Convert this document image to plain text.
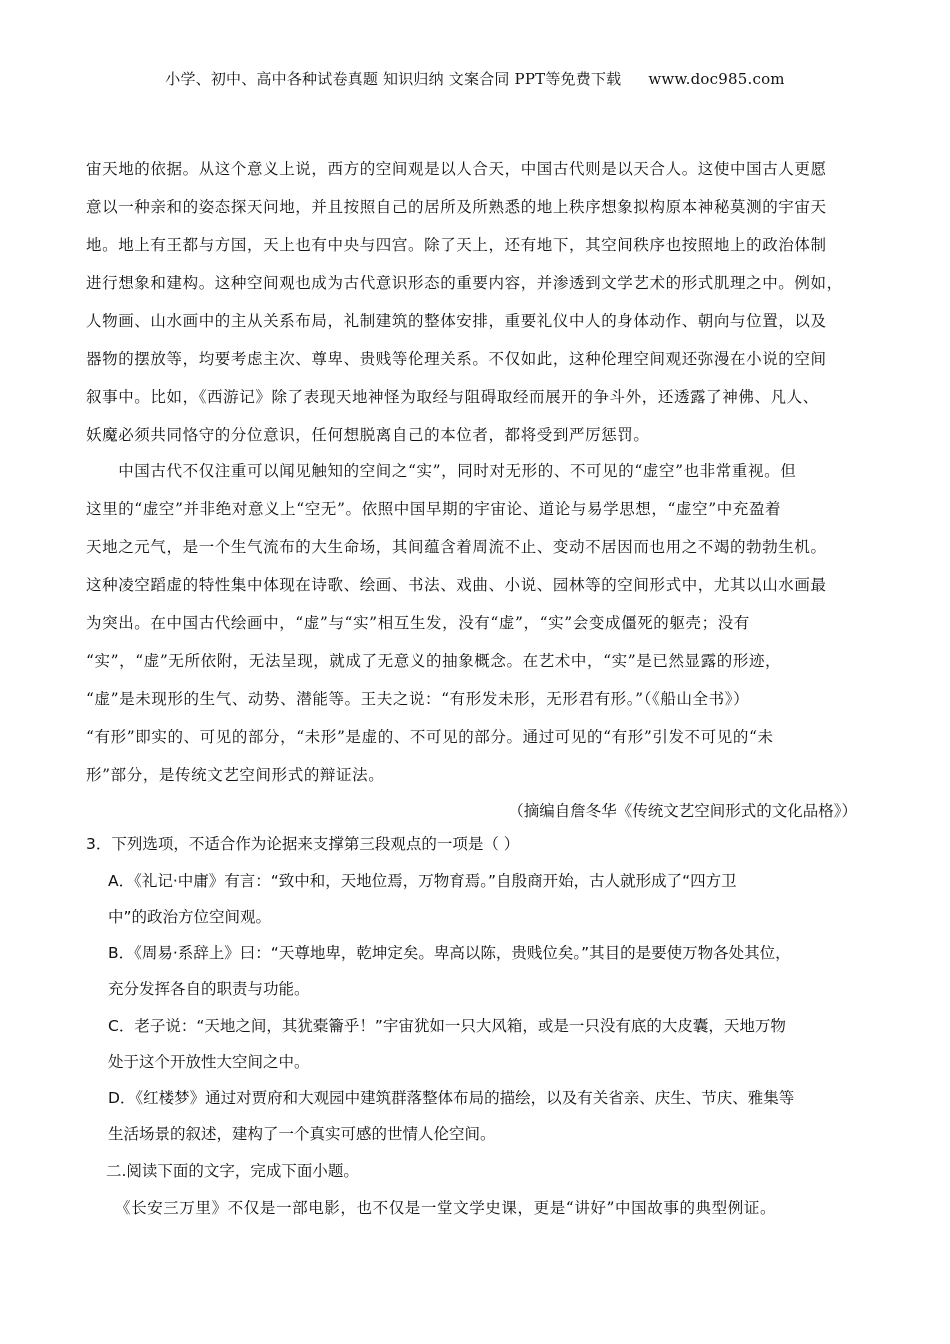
小学、初中、高中各种试卷真题 知识归纳 文案合同 PPT等免费下载 www.doc985.com
宙天地的依据。从这个意义上说，西方的空间观是以人合天，中国古代则是以天合人。这使中国古人更愿
意以一种亲和的姿态探天问地，并且按照自己的居所及所熟悉的地上秩序想象拟构原本神秘莫测的宇宙天
地。地上有王都与方国，天上也有中央与四宫。除了天上，还有地下，其空间秩序也按照地上的政治体制
进行想象和建构。这种空间观也成为古代意识形态的重要内容，并渗透到文学艺术的形式肌理之中。例如，
人物画、山水画中的主从关系布局，礼制建筑的整体安排，重要礼仪中人的身体动作、朝向与位置，以及
器物的摆放等，均要考虑主次、尊卑、贵贱等伦理关系。不仅如此，这种伦理空间观还弥漫在小说的空间
叙事中。比如，《西游记》除了表现天地神怪为取经与阻碍取经而展开的争斗外，还透露了神佛、凡人、
妖魔必须共同恪守的分位意识，任何想脱离自己的本位者，都将受到严厉惩罚。
　　中国古代不仅注重可以闻见触知的空间之“实”，同时对无形的、不可见的“虚空”也非常重视。但
这里的“虚空”并非绝对意义上“空无”。依照中国早期的宇宙论、道论与易学思想，“虚空”中充盈着
天地之元气，是一个生气流布的大生命场，其间蕴含着周流不止、变动不居因而也用之不竭的勃勃生机。
这种凌空蹈虚的特性集中体现在诗歌、绘画、书法、戏曲、小说、园林等的空间形式中，尤其以山水画最
为突出。在中国古代绘画中，“虚”与“实”相互生发，没有“虚”，“实”会变成僵死的躯壳；没有
“实”，“虚”无所依附，无法呈现，就成了无意义的抽象概念。在艺术中，“实”是已然显露的形迹，
“虚”是未现形的生气、动势、潜能等。王夫之说：“有形发未形，无形君有形。”（《船山全书》）
“有形”即实的、可见的部分，“未形”是虚的、不可见的部分。通过可见的“有形”引发不可见的“未
形”部分，是传统文艺空间形式的辩证法。
（摘编自詹冬华《传统文艺空间形式的文化品格》）
3．下列选项，不适合作为论据来支撑第三段观点的一项是（ ）
A．《礼记·中庸》有言：“致中和，天地位焉，万物育焉。”自殷商开始，古人就形成了“四方卫
中”的政治方位空间观。
B．《周易·系辞上》曰：“天尊地卑，乾坤定矣。卑高以陈，贵贱位矣。”其目的是要使万物各处其位，
充分发挥各自的职责与功能。
C．老子说：“天地之间，其犹橐籥乎！”宇宙犹如一只大风箱，或是一只没有底的大皮囊，天地万物
处于这个开放性大空间之中。
D．《红楼梦》通过对贾府和大观园中建筑群落整体布局的描绘，以及有关省亲、庆生、节庆、雅集等
生活场景的叙述，建构了一个真实可感的世情人伦空间。
二.阅读下面的文字，完成下面小题。
《长安三万里》不仅是一部电影，也不仅是一堂文学史课，更是“讲好”中国故事的典型例证。
